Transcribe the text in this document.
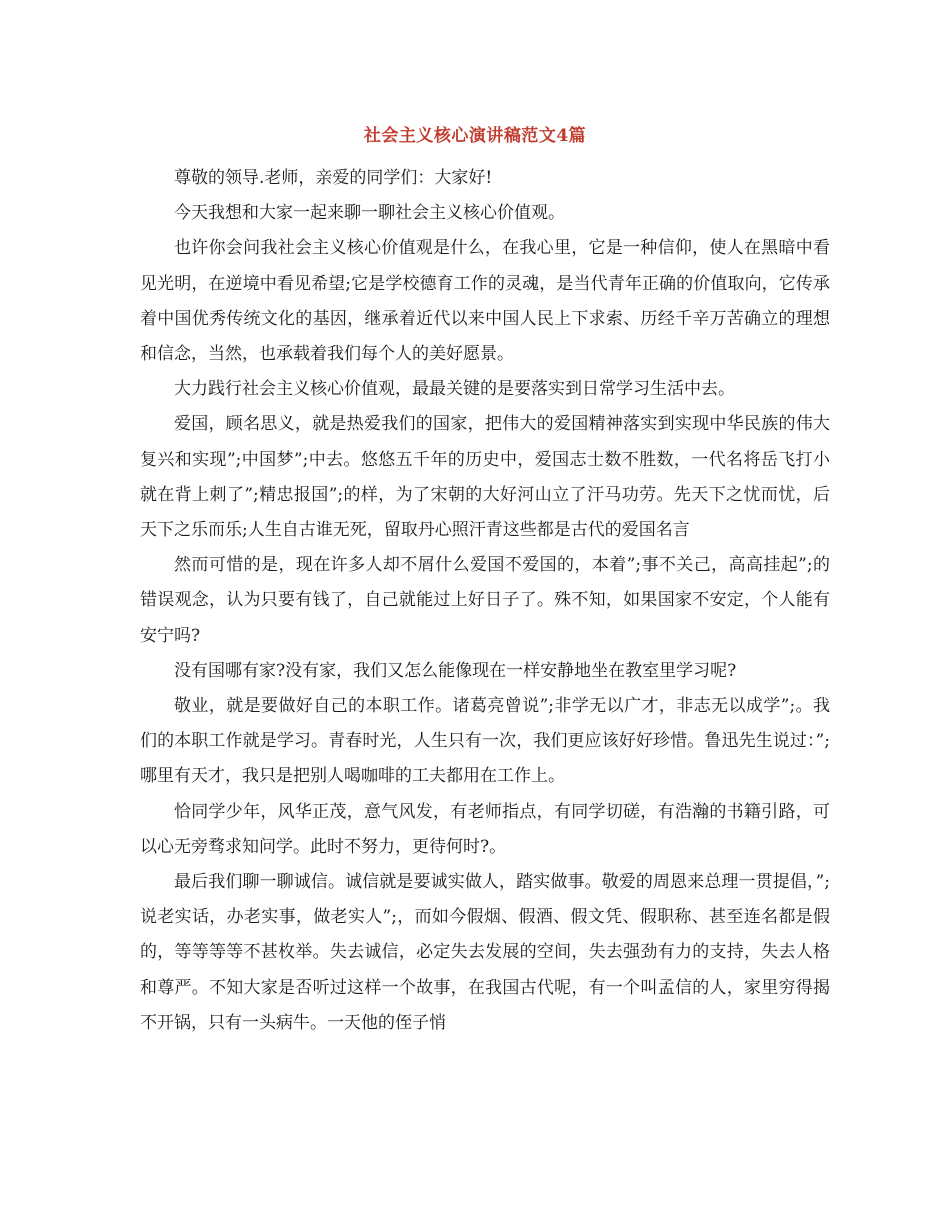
社会主义核心演讲稿范文4篇

尊敬的领导.老师，亲爱的同学们：大家好!

今天我想和大家一起来聊一聊社会主义核心价值观。

也许你会问我社会主义核心价值观是什么，在我心里，它是一种信仰，使人在黑暗中看见光明，在逆境中看见希望;它是学校德育工作的灵魂，是当代青年正确的价值取向，它传承着中国优秀传统文化的基因，继承着近代以来中国人民上下求索、历经千辛万苦确立的理想和信念，当然，也承载着我们每个人的美好愿景。

大力践行社会主义核心价值观，最最关键的是要落实到日常学习生活中去。

爱国，顾名思义，就是热爱我们的国家，把伟大的爱国精神落实到实现中华民族的伟大复兴和实现”;中国梦”;中去。悠悠五千年的历史中，爱国志士数不胜数，一代名将岳飞打小就在背上刺了”;精忠报国”;的样，为了宋朝的大好河山立了汗马功劳。先天下之忧而忧，后天下之乐而乐;人生自古谁无死，留取丹心照汗青这些都是古代的爱国名言

然而可惜的是，现在许多人却不屑什么爱国不爱国的，本着”;事不关己，高高挂起”;的错误观念，认为只要有钱了，自己就能过上好日子了。殊不知，如果国家不安定，个人能有安宁吗?

没有国哪有家?没有家，我们又怎么能像现在一样安静地坐在教室里学习呢?

敬业，就是要做好自己的本职工作。诸葛亮曾说”;非学无以广才，非志无以成学”;。我们的本职工作就是学习。青春时光，人生只有一次，我们更应该好好珍惜。鲁迅先生说过：”;哪里有天才，我只是把别人喝咖啡的工夫都用在工作上。

恰同学少年，风华正茂，意气风发，有老师指点，有同学切磋，有浩瀚的书籍引路，可以心无旁骛求知问学。此时不努力，更待何时?。

最后我们聊一聊诚信。诚信就是要诚实做人，踏实做事。敬爱的周恩来总理一贯提倡，”;说老实话，办老实事，做老实人”;，而如今假烟、假酒、假文凭、假职称、甚至连名都是假的，等等等等不甚枚举。失去诚信，必定失去发展的空间，失去强劲有力的支持，失去人格和尊严。不知大家是否听过这样一个故事，在我国古代呢，有一个叫孟信的人，家里穷得揭不开锅，只有一头病牛。一天他的侄子悄
